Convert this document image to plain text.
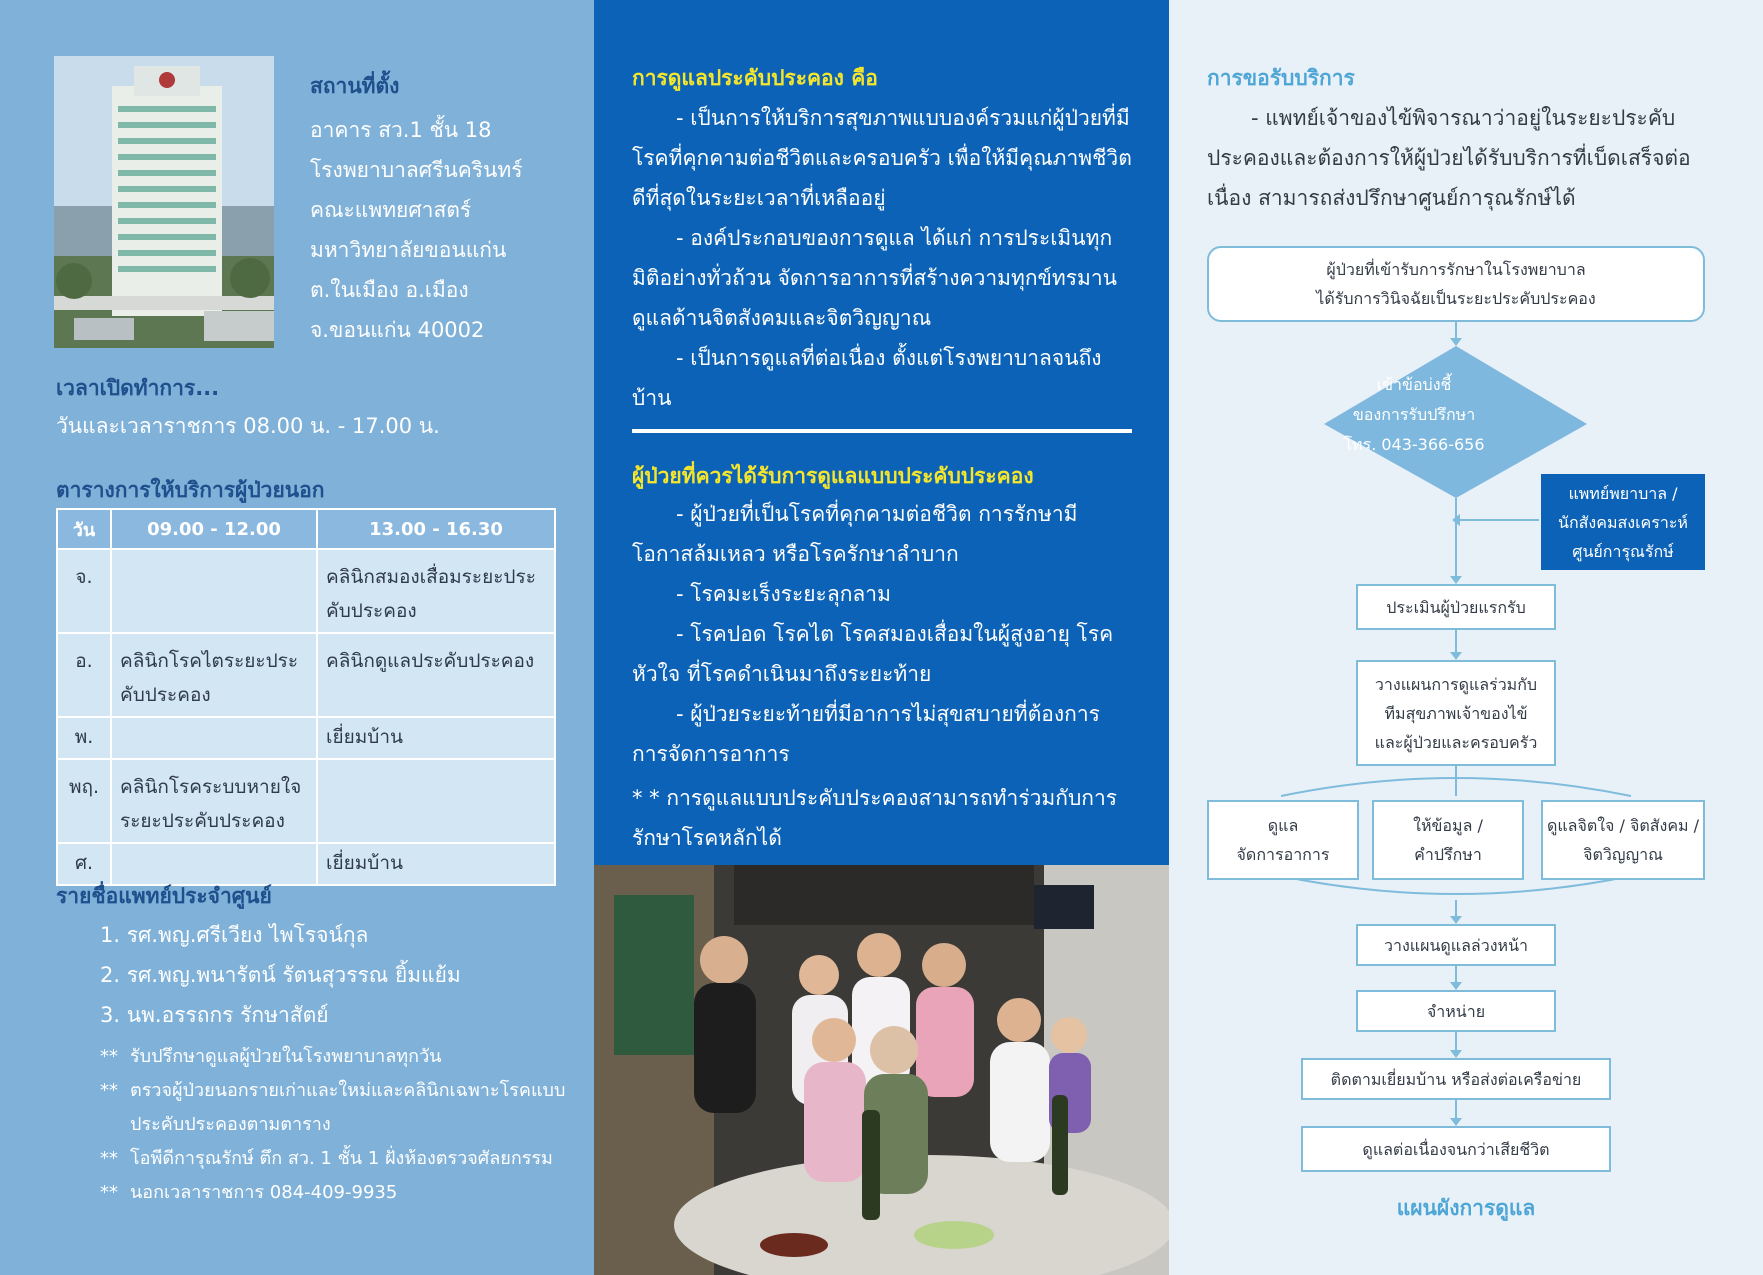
สถานที่ตั้ง
อาคาร สว.1 ชั้น 18
โรงพยาบาลศรีนครินทร์
คณะแพทยศาสตร์
มหาวิทยาลัยขอนแก่น
ต.ในเมือง อ.เมือง
จ.ขอนแก่น 40002
เวลาเปิดทำการ...
วันและเวลาราชการ 08.00 น. - 17.00 น.
ตารางการให้บริการผู้ป่วยนอก
วัน	09.00 - 12.00	13.00 - 16.30
จ.		คลินิกสมองเสื่อมระยะประคับประคอง
อ.	คลินิกโรคไตระยะประคับประคอง	คลินิกดูแลประคับประคอง
พ.		เยี่ยมบ้าน
พฤ.	คลินิกโรคระบบหายใจระยะประคับประคอง	
ศ.		เยี่ยมบ้าน
รายชื่อแพทย์ประจำศูนย์
1. รศ.พญ.ศรีเวียง ไพโรจน์กุล
2. รศ.พญ.พนารัตน์ รัตนสุวรรณ ยิ้มแย้ม
3. นพ.อรรถกร รักษาสัตย์
** รับปรึกษาดูแลผู้ป่วยในโรงพยาบาลทุกวัน
** ตรวจผู้ป่วยนอกรายเก่าและใหม่และคลินิกเฉพาะโรคแบบประคับประคองตามตาราง
** โอพีดีการุณรักษ์ ตึก สว. 1 ชั้น 1 ฝั่งห้องตรวจศัลยกรรม
** นอกเวลาราชการ 084-409-9935
การดูแลประคับประคอง คือ
- เป็นการให้บริการสุขภาพแบบองค์รวมแก่ผู้ป่วยที่มีโรคที่คุกคามต่อชีวิตและครอบครัว เพื่อให้มีคุณภาพชีวิตดีที่สุดในระยะเวลาที่เหลืออยู่
- องค์ประกอบของการดูแล ได้แก่ การประเมินทุกมิติอย่างทั่วถ้วน จัดการอาการที่สร้างความทุกข์ทรมาน ดูแลด้านจิตสังคมและจิตวิญญาณ
- เป็นการดูแลที่ต่อเนื่อง ตั้งแต่โรงพยาบาลจนถึงบ้าน
ผู้ป่วยที่ควรได้รับการดูแลแบบประคับประคอง
- ผู้ป่วยที่เป็นโรคที่คุกคามต่อชีวิต การรักษามีโอกาสล้มเหลว หรือโรครักษาลำบาก
- โรคมะเร็งระยะลุกลาม
- โรคปอด โรคไต โรคสมองเสื่อมในผู้สูงอายุ โรคหัวใจ ที่โรคดำเนินมาถึงระยะท้าย
- ผู้ป่วยระยะท้ายที่มีอาการไม่สุขสบายที่ต้องการการจัดการอาการ
* * การดูแลแบบประคับประคองสามารถทำร่วมกับการรักษาโรคหลักได้
การขอรับบริการ
- แพทย์เจ้าของไข้พิจารณาว่าอยู่ในระยะประคับประคองและต้องการให้ผู้ป่วยได้รับบริการที่เบ็ดเสร็จต่อเนื่อง สามารถส่งปรึกษาศูนย์การุณรักษ์ได้
ผู้ป่วยที่เข้ารับการรักษาในโรงพยาบาล
ได้รับการวินิจฉัยเป็นระยะประคับประคอง
เข้าข้อบ่งชี้
ของการรับปรึกษา
โทร. 043-366-656
แพทย์พยาบาล /
นักสังคมสงเคราะห์
ศูนย์การุณรักษ์
ประเมินผู้ป่วยแรกรับ
วางแผนการดูแลร่วมกับ
ทีมสุขภาพเจ้าของไข้
และผู้ป่วยและครอบครัว
ดูแล
จัดการอาการ
ให้ข้อมูล /
คำปรึกษา
ดูแลจิตใจ / จิตสังคม /
จิตวิญญาณ
วางแผนดูแลล่วงหน้า
จำหน่าย
ติดตามเยี่ยมบ้าน หรือส่งต่อเครือข่าย
ดูแลต่อเนื่องจนกว่าเสียชีวิต
แผนผังการดูแล
